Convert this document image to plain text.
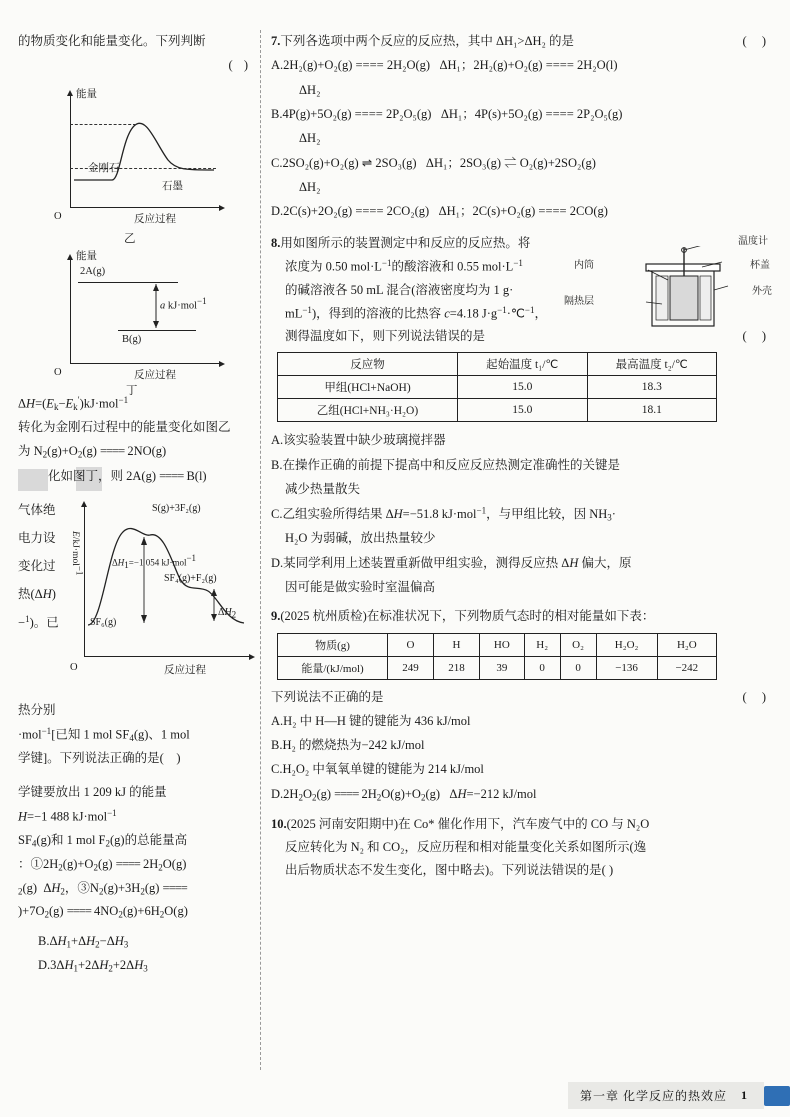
的物质变化和能量变化。下列判断
( )
能量
O	反应过程
金刚石
石墨
乙
能量
O	反应过程
2A(g)
B(g)
a kJ·mol−1
丁
$\Delta H=(E_k-E_k')kJ\cdot mol^{-1}$
转化为金刚石过程中的能量变化如图乙
为 $N_2(g)+O_2(g)$ ==== 2NO(g)
化如图丁，则 2A(g) ==== B(l)
气体绝
电力设
变化过
热(ΔH)
−$^1$)。已
E/kJ·mol−1
O	反应过程
S(g)+3F₂(g)
SF₄(g)+F₂(g)
SF₆(g)
ΔH1=−1 054 kJ·mol−1
ΔH2
热分别
·mol$^{-1}$[已知 1 mol $SF_4(g)$、1 mol
学键]。下列说法正确的是(    )
学键要放出 1 209 kJ 的能量
H=−1 488 kJ·mol$^{-1}$
$SF_4(g)$和 1 mol $F_2(g)$的总能量高
：$①2H_2(g)+O_2(g)$ ==== $2H_2O(g)$
$_2$(g)  $\Delta H_2$，$③N_2(g)+3H_2(g)$ ====
)$+7O_2(g)$ ==== $4NO_2(g)+6H_2O(g)$
$B.\Delta H_1+\Delta H_2-\Delta H_3$
$D.3\Delta H_1+2\Delta H_2+2\Delta H_3$
7.下列各选项中两个反应的反应热，其中 ΔH₁>ΔH₂ 的是	( )
A.2H₂(g)+O₂(g) ==== 2H₂O(g) ΔH₁；2H₂(g)+O₂(g) ==== 2H₂O(l)
ΔH₂
B.4P(g)+5O₂(g) ==== 2P₂O₅(g) ΔH₁；4P(s)+5O₂(g) ==== 2P₂O₅(g)
ΔH₂
C.2SO₂(g)+O₂(g) ⇌ 2SO₃(g) ΔH₁；2SO₃(g) ⇌ O₂(g)+2SO₂(g)
ΔH₂
D.2C(s)+2O₂(g) ==== 2CO₂(g) ΔH₁；2C(s)+O₂(g) ==== 2CO(g)
温度计
内筒	杯盖
隔热层
外壳
8.用如图所示的装置测定中和反应的反应热。将
浓度为 0.50 $mol\cdot L^{-1}$的酸溶液和 0.55 $mol\cdot L^{-1}$
的碱溶液各 50 mL 混合(溶液密度均为 1 g·
$mL^{-1}$)，得到的溶液的比热容 c=4.18 $J\cdot g^{-1}\cdot℃^{-1}$，
测得温度如下，则下列说法错误的是	( )
反应物	起始温度 t₁/℃	最高温度 t₂/℃
甲组(HCl+NaOH)	15.0	18.3
乙组(HCl+NH₃·H₂O)	15.0	18.1
A.该实验装置中缺少玻璃搅拌器
B.在操作正确的前提下提高中和反应反应热测定准确性的关键是
减少热量散失
C.乙组实验所得结果 ΔH=−51.8 kJ·mol$^{-1}$，与甲组比较，因 $NH_3\cdot$
H₂O 为弱碱，放出热量较少
D.某同学利用上述装置重新做甲组实验，测得反应热 ΔH 偏大，原
因可能是做实验时室温偏高
9.(2025 杭州质检)在标准状况下，下列物质气态时的相对能量如下表：
物质(g)	O	H	HO	H₂	O₂	H₂O₂	H₂O
能量/(kJ/mol)	249	218	39	0	0	−136	−242
下列说法不正确的是	( )
A.H₂ 中 H—H 键的键能为 436 kJ/mol
B.H₂ 的燃烧热为−242 kJ/mol
C.H₂O₂ 中氧氧单键的键能为 214 kJ/mol
$D.2H_2O_2(g)$ ==== $2H_2O(g)+O_2(g)$   ΔH=−212 kJ/mol
10.(2025 河南安阳期中)在 Co* 催化作用下，汽车废气中的 CO 与 N₂O
反应转化为 N₂ 和 CO₂，反应历程和相对能量变化关系如图所示(逸
出后物质状态不发生变化，图中略去)。下列说法错误的是( )
第一章 化学反应的热效应	1
